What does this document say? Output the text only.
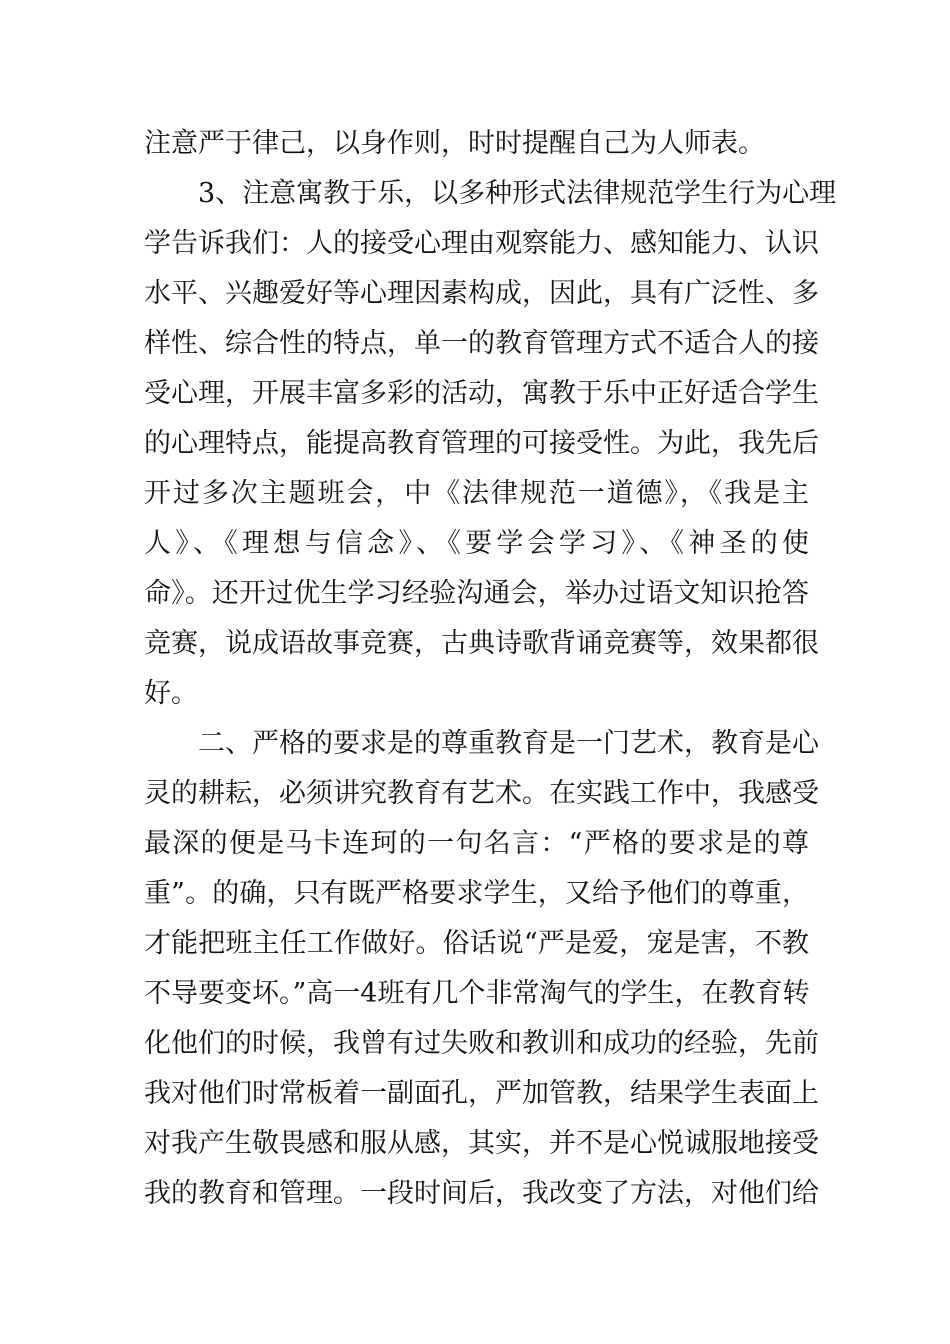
注意严于律己，以身作则，时时提醒自己为人师表。
3、注意寓教于乐，以多种形式法律规范学生行为心理
学告诉我们：人的接受心理由观察能力、感知能力、认识
水平、兴趣爱好等心理因素构成，因此，具有广泛性、多
样性、综合性的特点，单一的教育管理方式不适合人的接
受心理，开展丰富多彩的活动，寓教于乐中正好适合学生
的心理特点，能提高教育管理的可接受性。为此，我先后
开过多次主题班会，中《法律规范一道德》，《我是主
人》、《理想与信念》、《要学会学习》、《神圣的使
命》。还开过优生学习经验沟通会，举办过语文知识抢答
竞赛，说成语故事竞赛，古典诗歌背诵竞赛等，效果都很
好。
二、严格的要求是的尊重教育是一门艺术，教育是心
灵的耕耘，必须讲究教育有艺术。在实践工作中，我感受
最深的便是马卡连珂的一句名言：“严格的要求是的尊
重”。的确，只有既严格要求学生，又给予他们的尊重，
才能把班主任工作做好。俗话说“严是爱，宠是害，不教
不导要变坏。”高一4班有几个非常淘气的学生，在教育转
化他们的时候，我曾有过失败和教训和成功的经验，先前
我对他们时常板着一副面孔，严加管教，结果学生表面上
对我产生敬畏感和服从感，其实，并不是心悦诚服地接受
我的教育和管理。一段时间后，我改变了方法，对他们给
